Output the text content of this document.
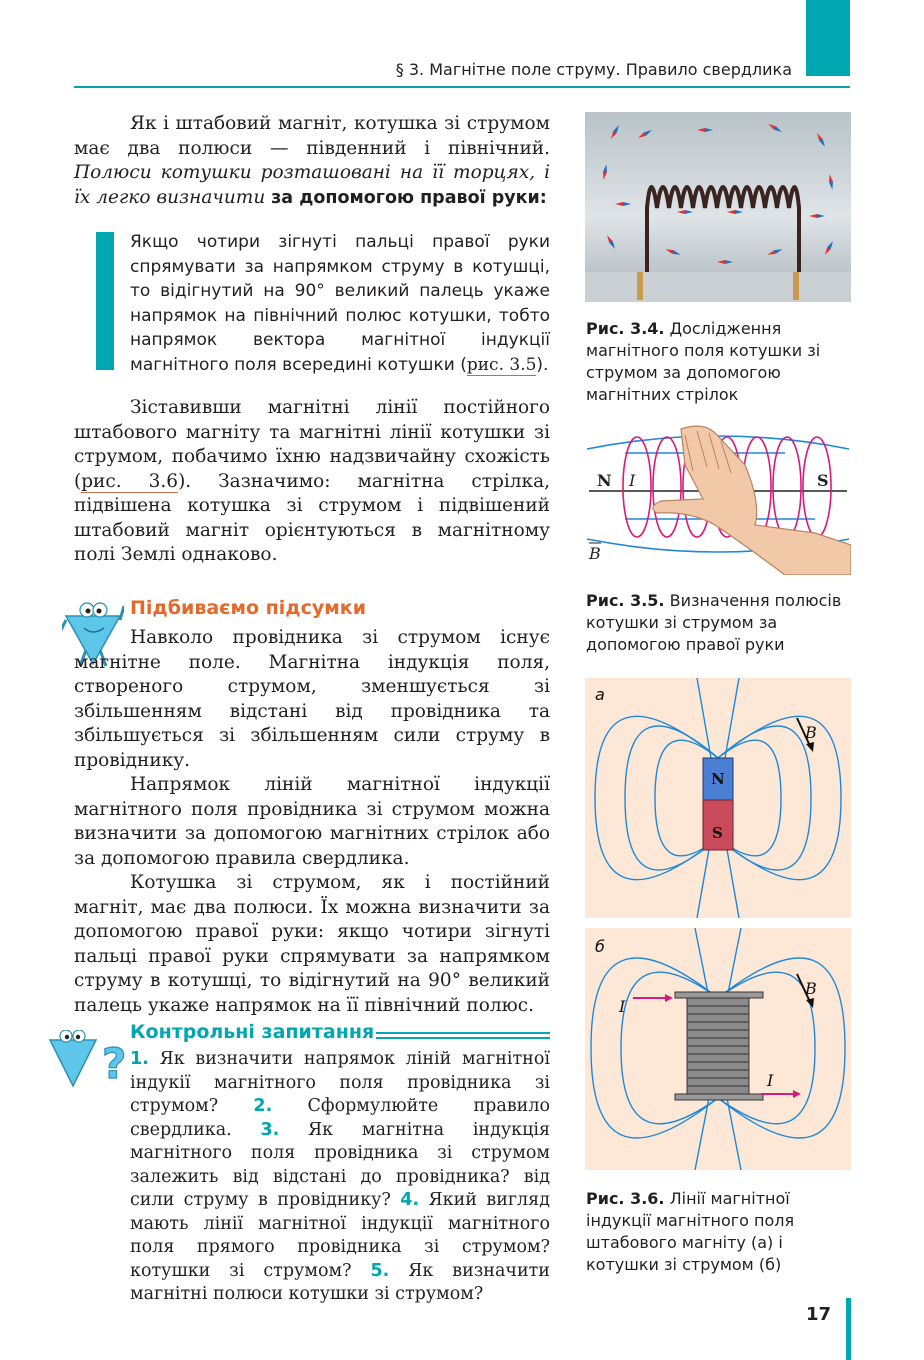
§ 3. Магнітне поле струму. Правило свердлика

Як і штабовий магніт, котушка зі струмом має два полюси — південний і північний. Полюси котушки розташовані на її торцях, і їх легко визначити за допомогою правої руки:

Якщо чотири зігнуті пальці правої руки спрямувати за напрямком струму в котушці, то відігнутий на 90° великий палець укаже напрямок на північний полюс котушки, тобто напрямок вектора магнітної індукції магнітного поля всередині котушки (рис. 3.5).

Зіставивши магнітні лінії постійного штабового магніту та магнітні лінії котушки зі струмом, побачимо їхню надзвичайну схожість (рис. 3.6). Зазначимо: магнітна стрілка, підвішена котушка зі струмом і підвішений штабовий магніт орієнтуються в магнітному полі Землі однаково.

Підбиваємо підсумки

Навколо провідника зі струмом існує магнітне поле. Магнітна індукція поля, створеного струмом, зменшується зі збільшенням відстані від провідника та збільшується зі збільшенням сили струму в провіднику.

Напрямок ліній магнітної індукції магнітного поля провідника зі струмом можна визначити за допомогою магнітних стрілок або за допомогою правила свердлика.

Котушка зі струмом, як і постійний магніт, має два полюси. Їх можна визначити за допомогою правої руки: якщо чотири зігнуті пальці правої руки спрямувати за напрямком струму в котушці, то відігнутий на 90° великий палець укаже напрямок на її північний полюс.

?
Контрольні запитання

1. Як визначити напрямок ліній магнітної індукії магнітного поля провідника зі струмом? 2. Сформулюйте правило свердлика. 3. Як магнітна індукція магнітного поля провідника зі струмом залежить від відстані до провідника? від сили струму в провіднику? 4. Який вигляд мають лінії магнітної індукції магнітного поля прямого провідника зі струмом? котушки зі струмом? 5. Як визначити магнітні полюси котушки зі струмом?

Рис. 3.4. Дослідження магнітного поля котушки зі струмом за допомогою магнітних стрілок
N I	S
B
Рис. 3.5. Визначення полюсів котушки зі струмом за допомогою правої руки
N
S
а
B
б
I
I
B
Рис. 3.6. Лінії магнітної індукції магнітного поля штабового магніту (а) і котушки зі струмом (б)
17
